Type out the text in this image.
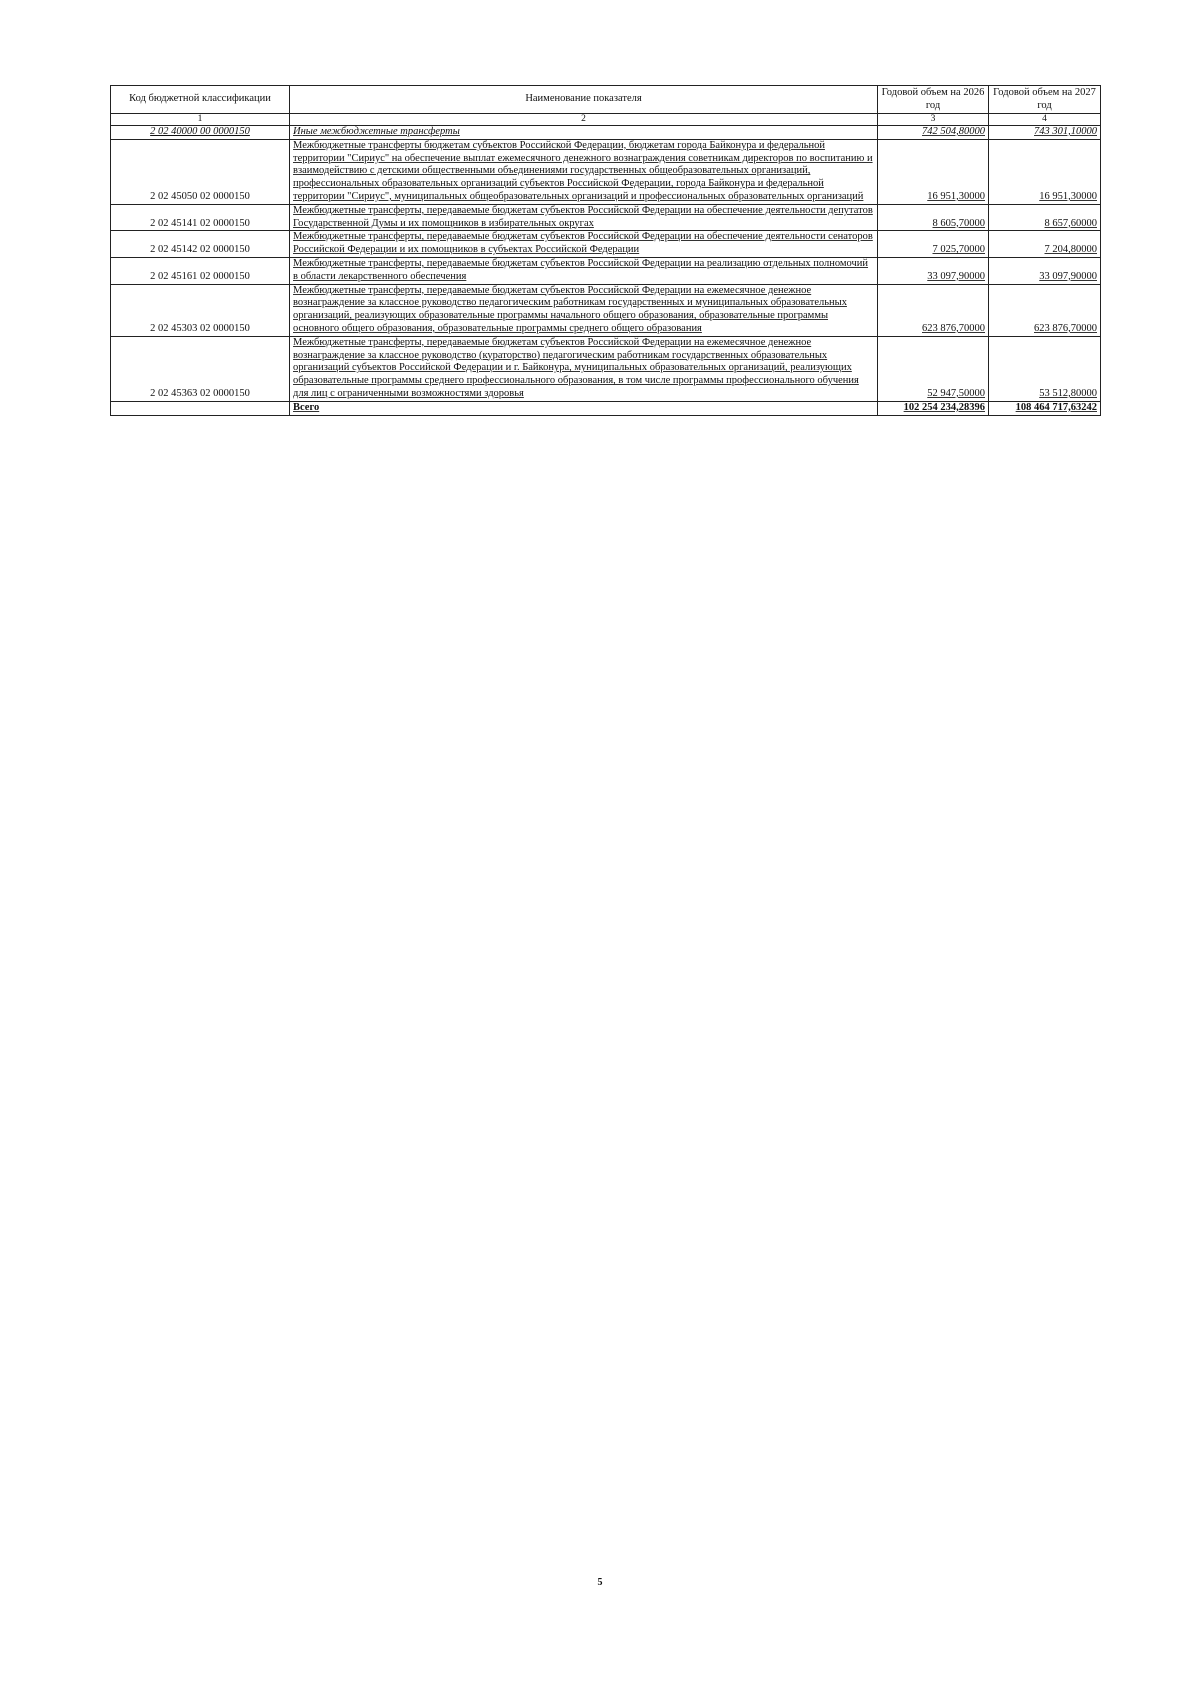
Код бюджетной классификации	Наименование показателя	Годовой объем на 2026 год	Годовой объем на 2027 год
1	2	3	4
2 02 40000 00 0000150	Иные межбюджетные трансферты	742 504,80000	743 301,10000
2 02 45050 02 0000150	Межбюджетные трансферты бюджетам субъектов Российской Федерации, бюджетам города Байконура и федеральной территории "Сириус" на обеспечение выплат ежемесячного денежного вознаграждения советникам директоров по воспитанию и взаимодействию с детскими общественными объединениями государственных общеобразовательных организаций, профессиональных образовательных организаций субъектов Российской Федерации, города Байконура и федеральной территории "Сириус", муниципальных общеобразовательных организаций и профессиональных образовательных организаций	16 951,30000	16 951,30000
2 02 45141 02 0000150	Межбюджетные трансферты, передаваемые бюджетам субъектов Российской Федерации на обеспечение деятельности депутатов Государственной Думы и их помощников в избирательных округах	8 605,70000	8 657,60000
2 02 45142 02 0000150	Межбюджетные трансферты, передаваемые бюджетам субъектов Российской Федерации на обеспечение деятельности сенаторов Российской Федерации и их помощников в субъектах Российской Федерации	7 025,70000	7 204,80000
2 02 45161 02 0000150	Межбюджетные трансферты, передаваемые бюджетам субъектов Российской Федерации на реализацию отдельных полномочий в области лекарственного обеспечения	33 097,90000	33 097,90000
2 02 45303 02 0000150	Межбюджетные трансферты, передаваемые бюджетам субъектов Российской Федерации на ежемесячное денежное вознаграждение за классное руководство педагогическим работникам государственных и муниципальных образовательных организаций, реализующих образовательные программы начального общего образования, образовательные программы основного общего образования, образовательные программы среднего общего образования	623 876,70000	623 876,70000
2 02 45363 02 0000150	Межбюджетные трансферты, передаваемые бюджетам субъектов Российской Федерации на ежемесячное денежное вознаграждение за классное руководство (кураторство) педагогическим работникам государственных образовательных организаций субъектов Российской Федерации и г. Байконура, муниципальных образовательных организаций, реализующих образовательные программы среднего профессионального образования, в том числе программы профессионального обучения для лиц с ограниченными возможностями здоровья	52 947,50000	53 512,80000
	Всего	102 254 234,28396	108 464 717,63242
5
